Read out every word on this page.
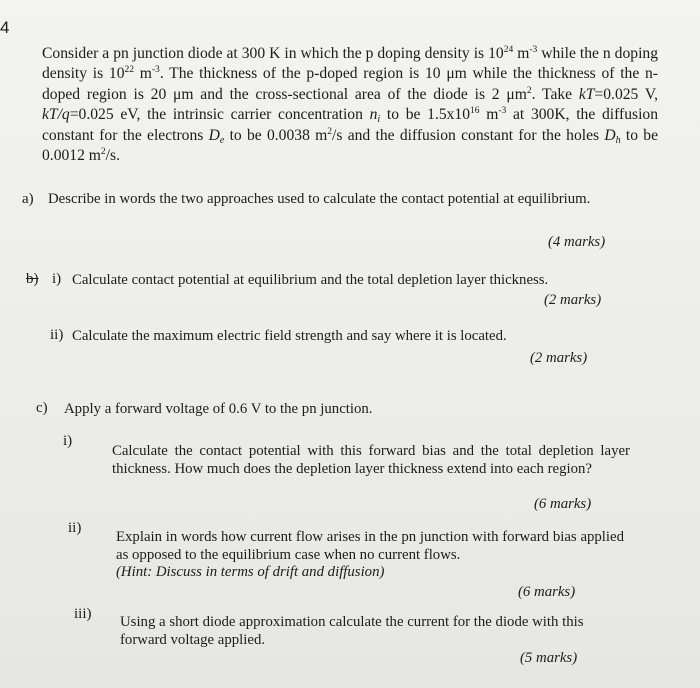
4
Consider a pn junction diode at 300 K in which the p doping density is $10^{24}$ $m^{-3}$ while the n doping density is $10^{22}$ $m^{-3}$. The thickness of the p-doped region is 10 μm while the thickness of the n-doped region is 20 μm and the cross-sectional area of the diode is 2 $\mu m^2$. Take kT=0.025 V, kT/q=0.025 eV, the intrinsic carrier concentration $n_i$ to be $1.5x10^{16}$ $m^{-3}$ at 300K, the diffusion constant for the electrons $D_e$ to be 0.0038 $m^2/s$ and the diffusion constant for the holes $D_h$ to be 0.0012 $m^2/s$.
a) Describe in words the two approaches used to calculate the contact potential at equilibrium.
(4 marks)
b) i) Calculate contact potential at equilibrium and the total depletion layer thickness.
(2 marks)
ii) Calculate the maximum electric field strength and say where it is located.
(2 marks)
c) Apply a forward voltage of 0.6 V to the pn junction.
i)
Calculate the contact potential with this forward bias and the total depletion layer thickness. How much does the depletion layer thickness extend into each region?
(6 marks)
ii)
Explain in words how current flow arises in the pn junction with forward bias applied as opposed to the equilibrium case when no current flows.
(Hint: Discuss in terms of drift and diffusion)
(6 marks)
iii) Using a short diode approximation calculate the current for the diode with this forward voltage applied.
(5 marks)
